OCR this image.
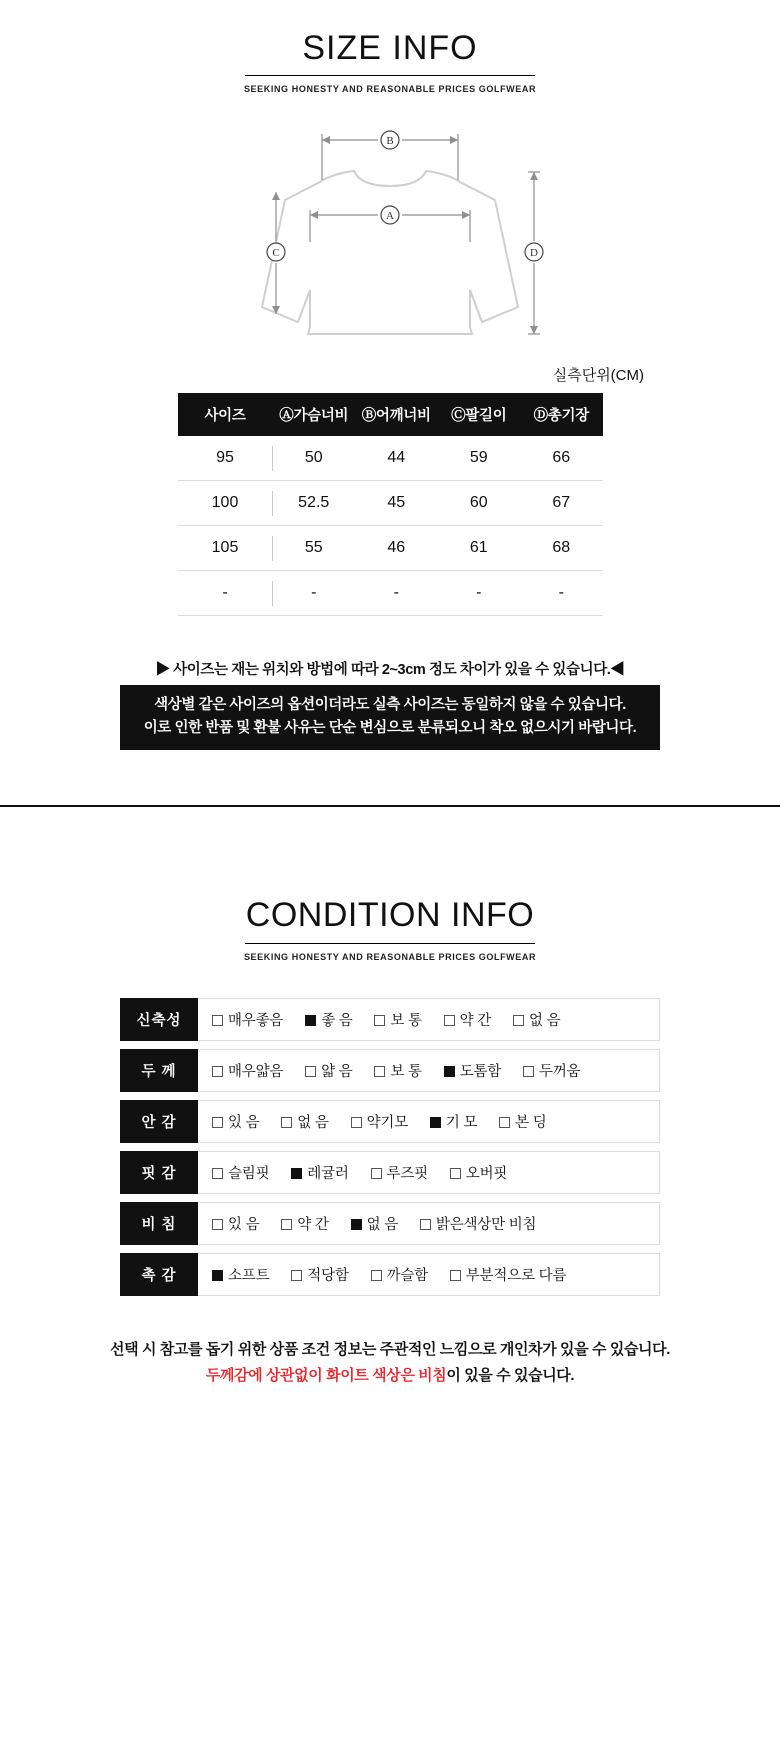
SIZE INFO
SEEKING HONESTY AND REASONABLE PRICES GOLFWEAR
B
A
C	D
실측단위(CM)
사이즈	Ⓐ가슴너비	Ⓑ어깨너비	Ⓒ팔길이	Ⓓ총기장
95	50	44	59	66
100	52.5	45	60	67
105	55	46	61	68
-	-	-	-	-
▶ 사이즈는 재는 위치와 방법에 따라 2~3cm 정도 차이가 있을 수 있습니다.◀
색상별 같은 사이즈의 옵션이더라도 실측 사이즈는 동일하지 않을 수 있습니다.
이로 인한 반품 및 환불 사유는 단순 변심으로 분류되오니 착오 없으시기 바랍니다.
CONDITION INFO
SEEKING HONESTY AND REASONABLE PRICES GOLFWEAR
신축성	매우좋음 좋 음 보 통 약 간 없 음
두 께	매우얇음 얇 음 보 통 도톰함 두꺼움
안 감	있 음 없 음 약기모 기 모 본 딩
핏 감	슬림핏 레귤러 루즈핏 오버핏
비 침	있 음 약 간 없 음 밝은색상만 비침
촉 감	소프트 적당함 까슬함 부분적으로 다름
선택 시 참고를 돕기 위한 상품 조건 정보는 주관적인 느낌으로 개인차가 있을 수 있습니다.
두께감에 상관없이 화이트 색상은 비침이 있을 수 있습니다.
